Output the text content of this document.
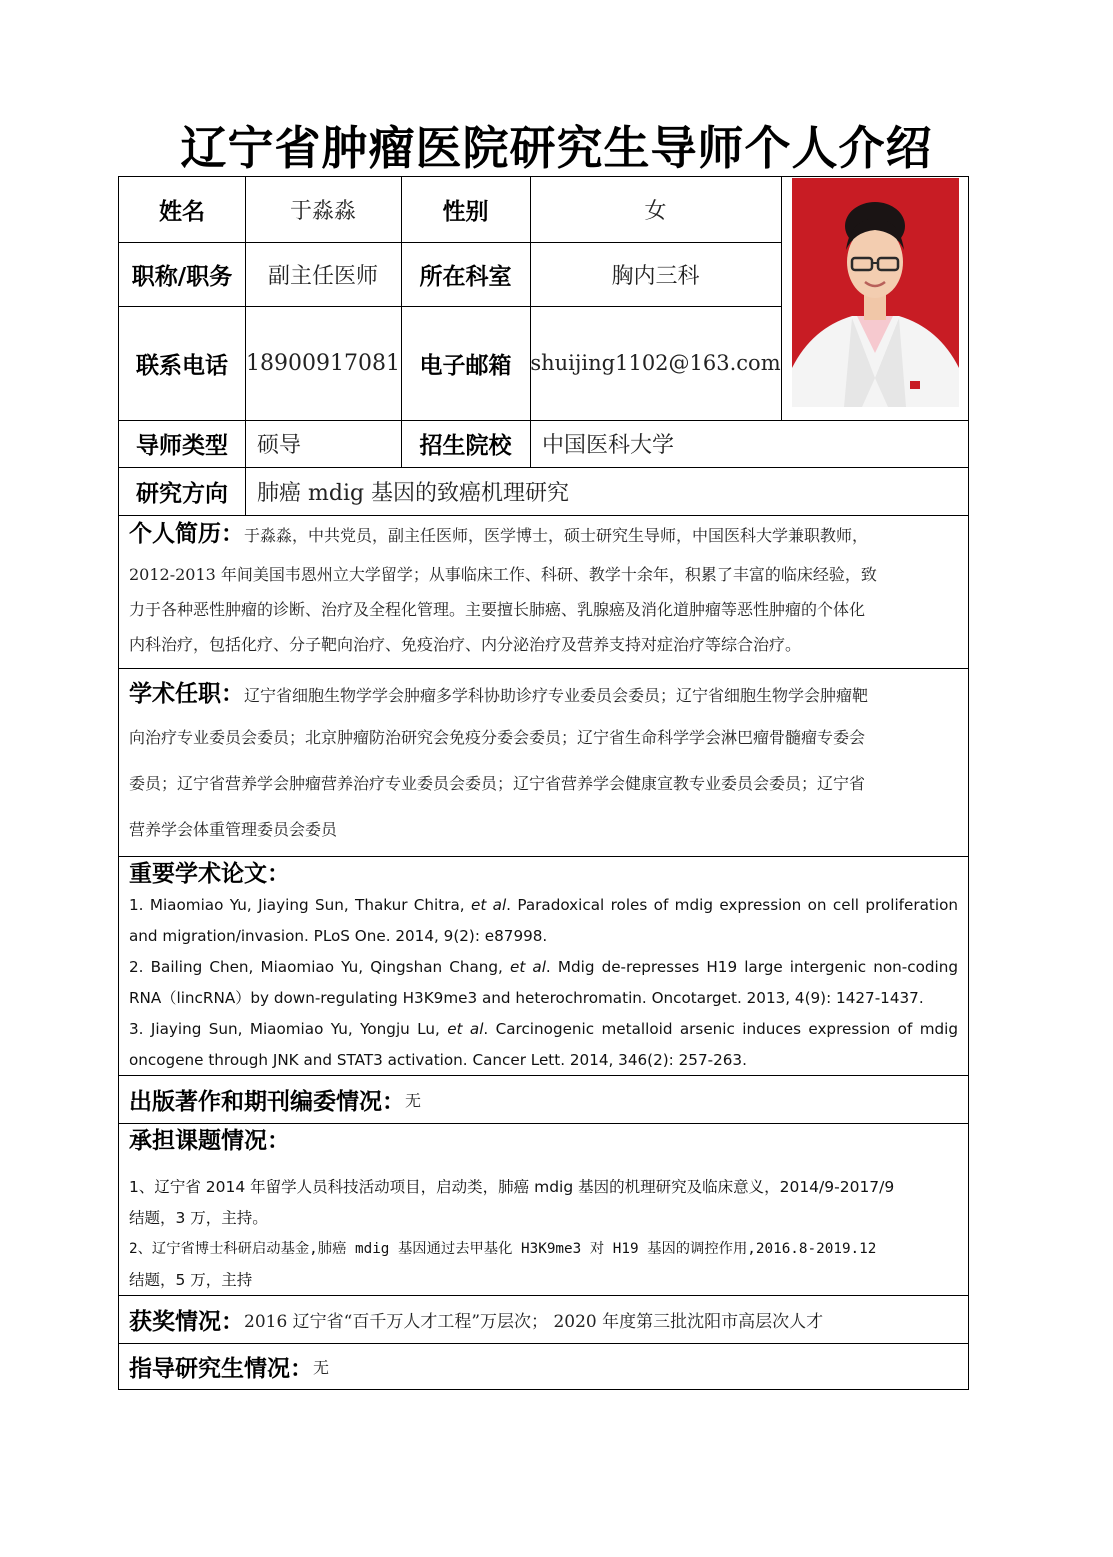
辽宁省肿瘤医院研究生导师个人介绍
姓名	于淼淼	性别	女
职称/职务	副主任医师	所在科室	胸内三科
联系电话 18900917081 电子邮箱 shuijing1102@163.com
导师类型	硕导	招生院校	中国医科大学
研究方向	肺癌 mdig 基因的致癌机理研究
个人简历：于淼淼，中共党员，副主任医师，医学博士，硕士研究生导师，中国医科大学兼职教师，
2012-2013 年间美国韦恩州立大学留学；从事临床工作、科研、教学十余年，积累了丰富的临床经验，致
力于各种恶性肿瘤的诊断、治疗及全程化管理。主要擅长肺癌、乳腺癌及消化道肿瘤等恶性肿瘤的个体化
内科治疗，包括化疗、分子靶向治疗、免疫治疗、内分泌治疗及营养支持对症治疗等综合治疗。
学术任职：辽宁省细胞生物学学会肿瘤多学科协助诊疗专业委员会委员；辽宁省细胞生物学会肿瘤靶
向治疗专业委员会委员；北京肿瘤防治研究会免疫分委会委员；辽宁省生命科学学会淋巴瘤骨髓瘤专委会
委员；辽宁省营养学会肿瘤营养治疗专业委员会委员；辽宁省营养学会健康宣教专业委员会委员；辽宁省
营养学会体重管理委员会委员
重要学术论文：
1. Miaomiao Yu, Jiaying Sun, Thakur Chitra, et al. Paradoxical roles of mdig expression on cell proliferation and migration/invasion. PLoS One. 2014, 9(2): e87998.
2. Bailing Chen, Miaomiao Yu, Qingshan Chang, et al. Mdig de-represses H19 large intergenic non-coding RNA（lincRNA）by down-regulating H3K9me3 and heterochromatin. Oncotarget. 2013, 4(9): 1427-1437.
3. Jiaying Sun, Miaomiao Yu, Yongju Lu, et al. Carcinogenic metalloid arsenic induces expression of mdig oncogene through JNK and STAT3 activation. Cancer Lett. 2014, 346(2): 257-263.
出版著作和期刊编委情况： 无
承担课题情况：
1、辽宁省 2014 年留学人员科技活动项目，启动类，肺癌 mdig 基因的机理研究及临床意义，2014/9-2017/9
结题，3 万，主持。
2、辽宁省博士科研启动基金,肺癌 mdig 基因通过去甲基化 H3K9me3 对 H19 基因的调控作用,2016.8-2019.12
结题，5 万，主持
获奖情况： 2016 辽宁省“百千万人才工程”万层次； 2020 年度第三批沈阳市高层次人才
指导研究生情况： 无
